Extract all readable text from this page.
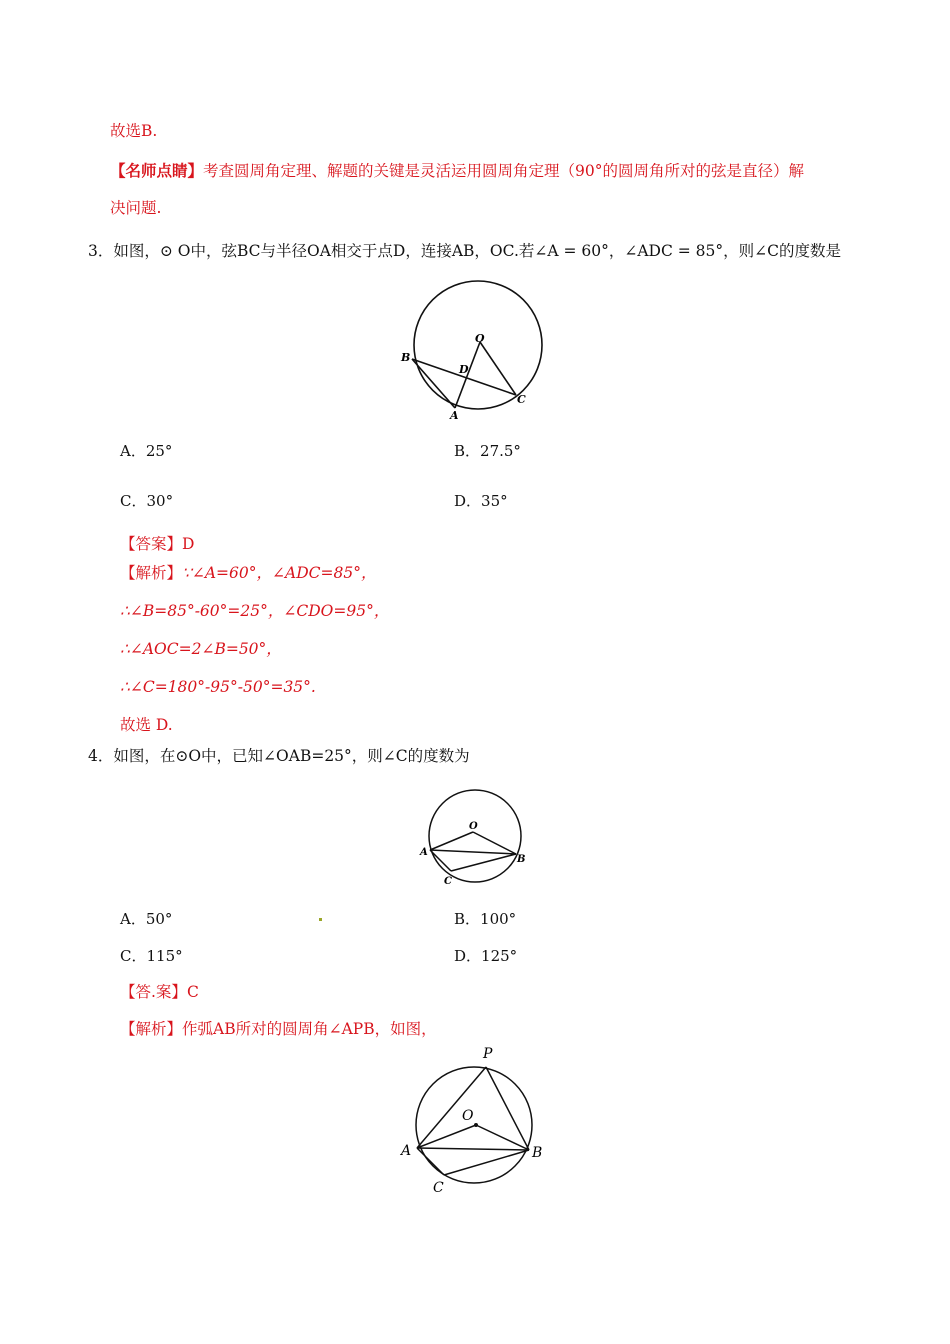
故选B.
【名师点睛】考查圆周角定理、解题的关键是灵活运用圆周角定理（90°的圆周角所对的弦是直径）解
决问题.
3．如图，⊙ O中，弦BC与半径OA相交于点D，连接AB，OC.若∠A = 60°，∠ADC = 85°，则∠C的度数是
O
B
D
A
C
A．25°	B．27.5°
C．30°	D．35°
【答案】D
【解析】∵∠A=60°，∠ADC=85°，
∴∠B=85°-60°=25°，∠CDO=95°，
∴∠AOC=2∠B=50°，
∴∠C=180°-95°-50°=35°.
故选 D.
4．如图，在⊙O中，已知∠OAB=25°，则∠C的度数为
O
A
B
C
A．50°	B．100°
C．115°	D．125°
【答.案】C
【解析】作弧AB所对的圆周角∠APB，如图，
P
O
A	B
C
